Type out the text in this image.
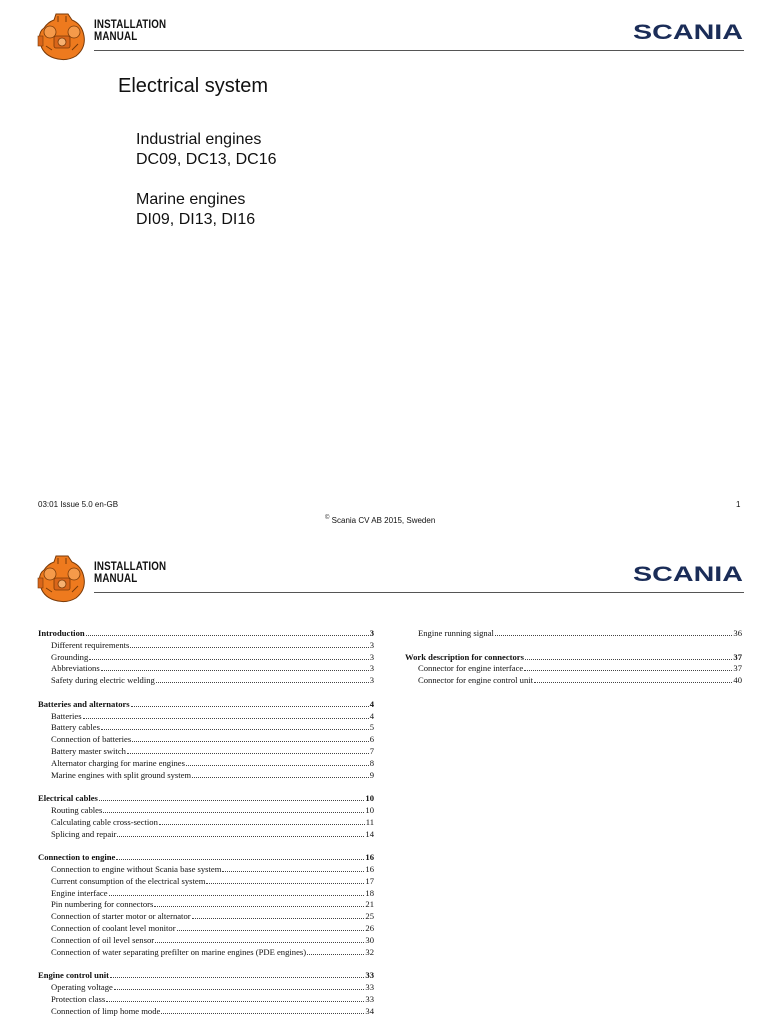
INSTALLATION
MANUAL	SCANIA
Electrical system
Industrial engines
DC09, DC13, DC16
Marine engines
DI09, DI13, DI16
03:01 Issue 5.0 en-GB	1
© Scania CV AB 2015, Sweden
INSTALLATION
MANUAL	SCANIA
Introduction	3
Different requirements	3
Grounding	3
Abbreviations	3
Safety during electric welding	3
Batteries and alternators	4
Batteries	4
Battery cables	5
Connection of batteries	6
Battery master switch	7
Alternator charging for marine engines	8
Marine engines with split ground system	9
Electrical cables	10
Routing cables	10
Calculating cable cross-section	11
Splicing and repair	14
Connection to engine	16
Connection to engine without Scania base system	16
Current consumption of the electrical system	17
Engine interface	18
Pin numbering for connectors	21
Connection of starter motor or alternator	25
Connection of coolant level monitor	26
Connection of oil level sensor	30
Connection of water separating prefilter on marine engines (PDE engines)	32
Engine control unit	33
Operating voltage	33
Protection class	33
Connection of limp home mode	34
Engine running signal	36
Work description for connectors	37
Connector for engine interface	37
Connector for engine control unit	40
